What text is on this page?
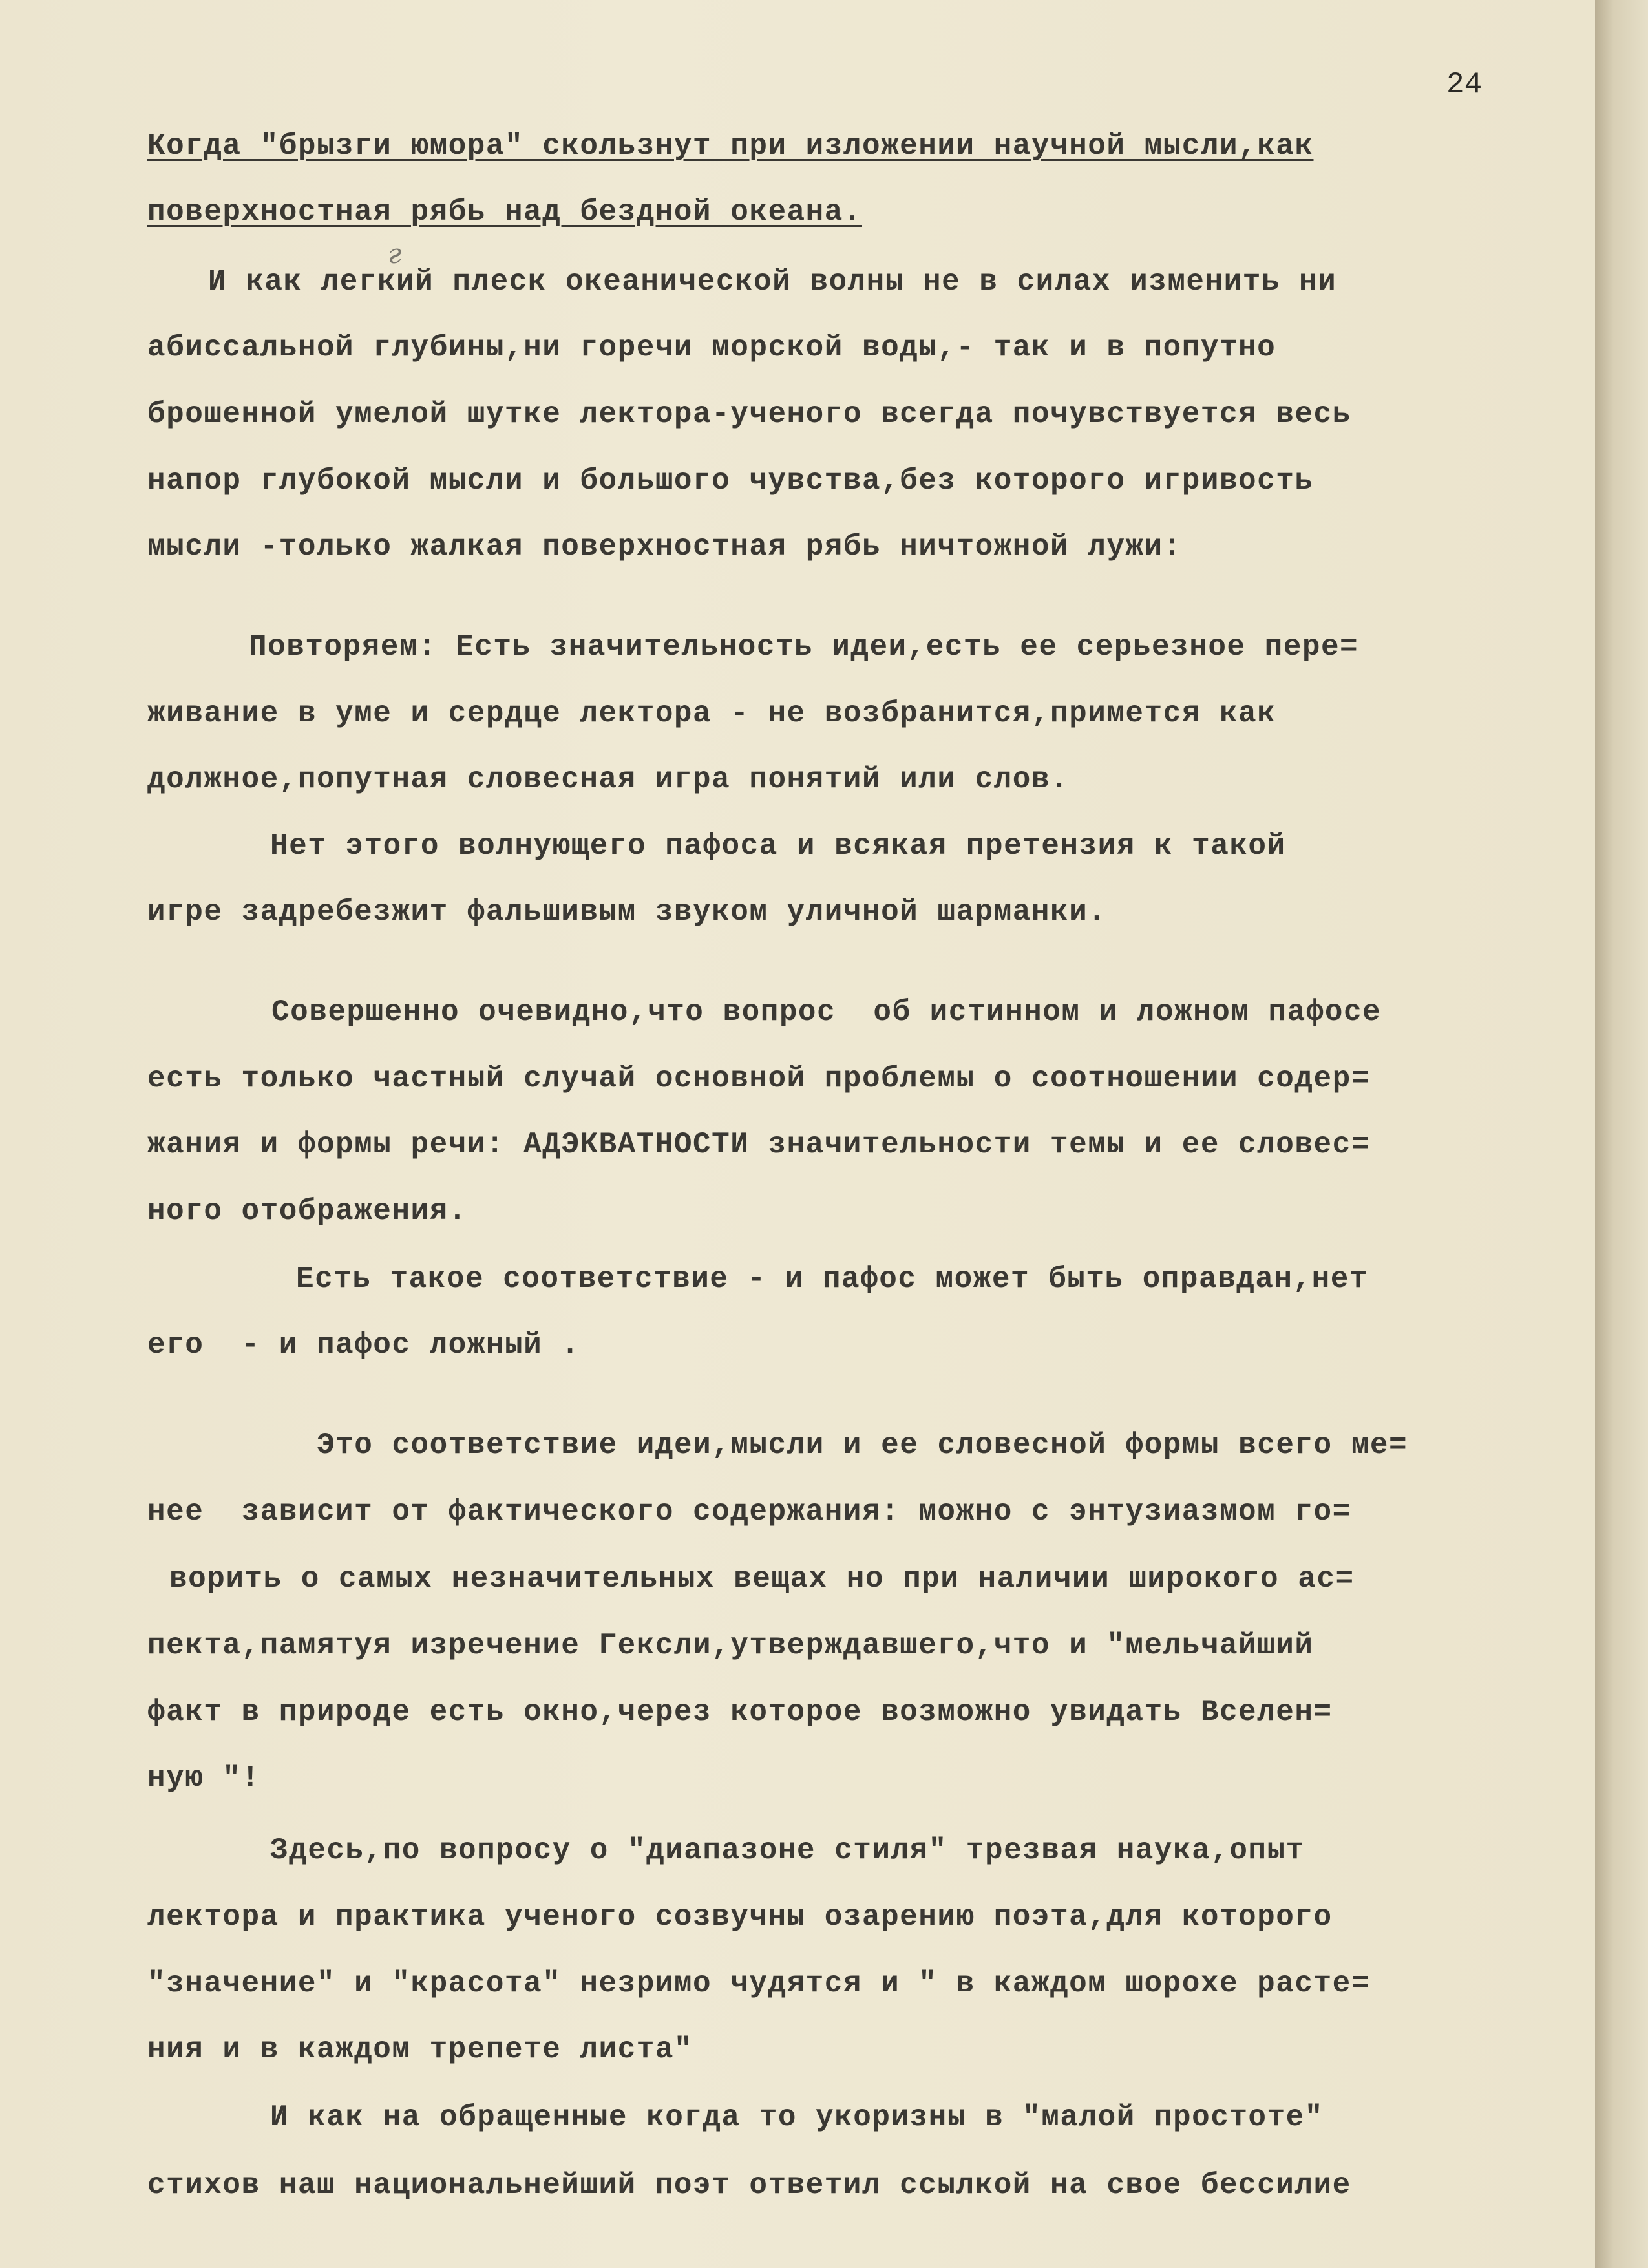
24
г
Когда "брызги юмора" скользнут при изложении научной мысли,как
поверхностная рябь над бездной океана.
И как легкий плеск океанической волны не в силах изменить ни
абиссальной глубины,ни горечи морской воды,- так и в попутно
брошенной умелой шутке лектора-ученого всегда почувствуется весь
напор глубокой мысли и большого чувства,без которого игривость
мысли -только жалкая поверхностная рябь ничтожной лужи:
Повторяем: Есть значительность идеи,есть ее серьезное пере=
живание в уме и сердце лектора - не возбранится,примется как
должное,попутная словесная игра понятий или слов.
Нет этого волнующего пафоса и всякая претензия к такой
игре задребезжит фальшивым звуком уличной шарманки.
Совершенно очевидно,что вопрос  об истинном и ложном пафосе
есть только частный случай основной проблемы о соотношении содер=
жания и формы речи: АДЭКВАТНОСТИ значительности темы и ее словес=
ного отображения.
Есть такое соответствие - и пафос может быть оправдан,нет
его  - и пафос ложный .
Это соответствие идеи,мысли и ее словесной формы всего ме=
нее  зависит от фактического содержания: можно с энтузиазмом го=
ворить о самых незначительных вещах но при наличии широкого ас=
пекта,памятуя изречение Гексли,утверждавшего,что и "мельчайший
факт в природе есть окно,через которое возможно увидать Вселен=
ную "!
Здесь,по вопросу о "диапазоне стиля" трезвая наука,опыт
лектора и практика ученого созвучны озарению поэта,для которого
"значение" и "красота" незримо чудятся и " в каждом шорохе расте=
ния и в каждом трепете листа"
И как на обращенные когда то укоризны в "малой простоте"
стихов наш национальнейший поэт ответил ссылкой на свое бессилие
